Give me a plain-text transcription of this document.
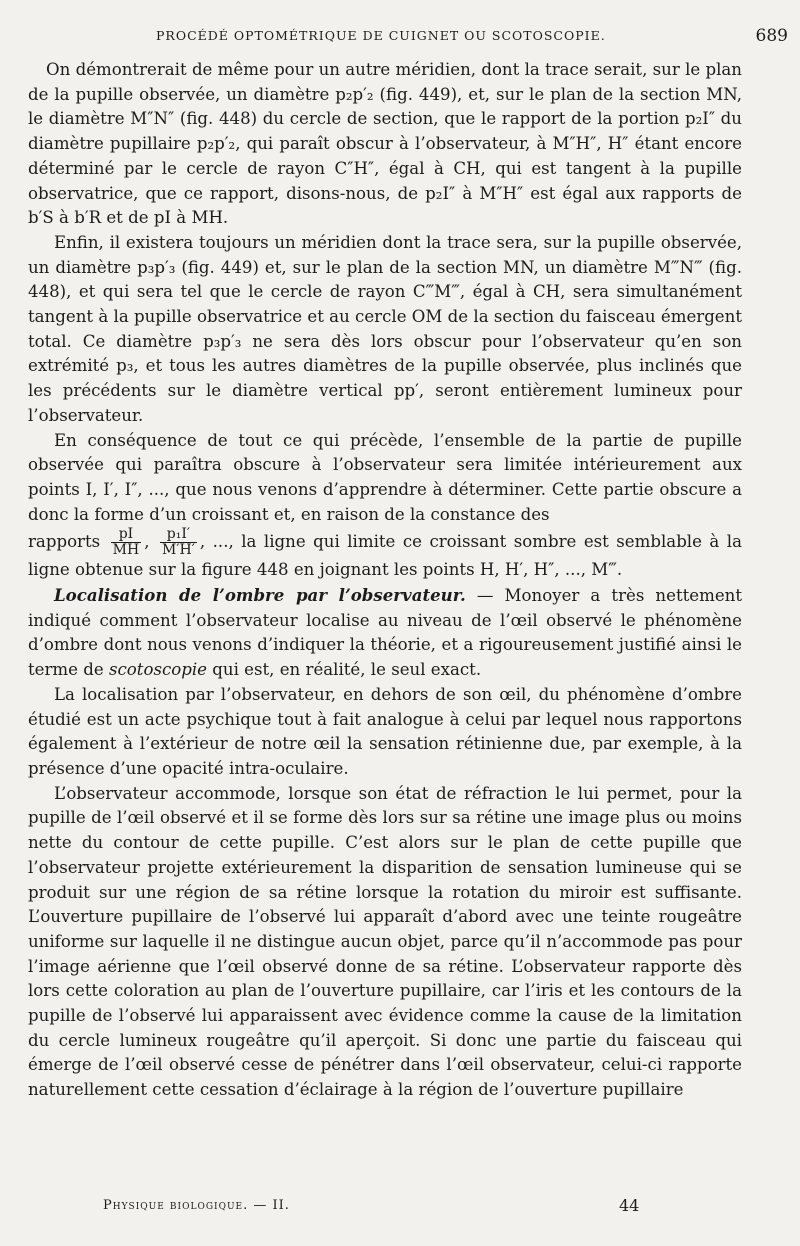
PROCÉDÉ OPTOMÉTRIQUE DE CUIGNET OU SCOTOSCOPIE.	689

On démontrerait de même pour un autre méridien, dont la trace serait, sur le plan de la pupille observée, un diamètre p₂p′₂ (fig. 449), et, sur le plan de la section MN, le diamètre M″N″ (fig. 448) du cercle de section, que le rapport de la portion p₂I″ du diamètre pupillaire p₂p′₂, qui paraît obscur à l’observateur, à M″H″, H″ étant encore déterminé par le cercle de rayon C″H″, égal à CH, qui est tangent à la pupille observatrice, que ce rapport, disons-nous, de p₂I″ à M″H″ est égal aux rapports de b′S à b′R et de pI à MH.

Enfin, il existera toujours un méridien dont la trace sera, sur la pupille observée, un diamètre p₃p′₃ (fig. 449) et, sur le plan de la section MN, un diamètre M‴N‴ (fig. 448), et qui sera tel que le cercle de rayon C‴M‴, égal à CH, sera simultanément tangent à la pupille observatrice et au cercle OM de la section du faisceau émergent total. Ce diamètre p₃p′₃ ne sera dès lors obscur pour l’observateur qu’en son extrémité p₃, et tous les autres diamètres de la pupille observée, plus inclinés que les précédents sur le diamètre vertical pp′, seront entièrement lumineux pour l’observateur.

En conséquence de tout ce qui précède, l’ensemble de la partie de pupille observée qui paraîtra obscure à l’observateur sera limitée intérieurement aux points I, I′, I″, ..., que nous venons d’apprendre à déterminer. Cette partie obscure a donc la forme d’un croissant et, en raison de la constance des

rapports $\frac{pI}{MH}$ , $\frac{\text{p₁I′}}{M'H'}$ , ..., la ligne qui limite ce croissant sombre est semblable à la ligne obtenue sur la figure 448 en joignant les points H, H′, H″, ..., M‴.

Localisation de l’ombre par l’observateur. — Monoyer a très nettement indiqué comment l’observateur localise au niveau de l’œil observé le phénomène d’ombre dont nous venons d’indiquer la théorie, et a rigoureusement justifié ainsi le terme de scotoscopie qui est, en réalité, le seul exact.

La localisation par l’observateur, en dehors de son œil, du phénomène d’ombre étudié est un acte psychique tout à fait analogue à celui par lequel nous rapportons également à l’extérieur de notre œil la sensation rétinienne due, par exemple, à la présence d’une opacité intra-oculaire.

L’observateur accommode, lorsque son état de réfraction le lui permet, pour la pupille de l’œil observé et il se forme dès lors sur sa rétine une image plus ou moins nette du contour de cette pupille. C’est alors sur le plan de cette pupille que l’observateur projette extérieurement la disparition de sensation lumineuse qui se produit sur une région de sa rétine lorsque la rotation du miroir est suffisante. L’ouverture pupillaire de l’observé lui apparaît d’abord avec une teinte rougeâtre uniforme sur laquelle il ne distingue aucun objet, parce qu’il n’accommode pas pour l’image aérienne que l’œil observé donne de sa rétine. L’observateur rapporte dès lors cette coloration au plan de l’ouverture pupillaire, car l’iris et les contours de la pupille de l’observé lui apparaissent avec évidence comme la cause de la limitation du cercle lumineux rougeâtre qu’il aperçoit. Si donc une partie du faisceau qui émerge de l’œil observé cesse de pénétrer dans l’œil observateur, celui-ci rapporte naturellement cette cessation d’éclairage à la région de l’ouverture pupillaire

Physique biologique. — II.	44
